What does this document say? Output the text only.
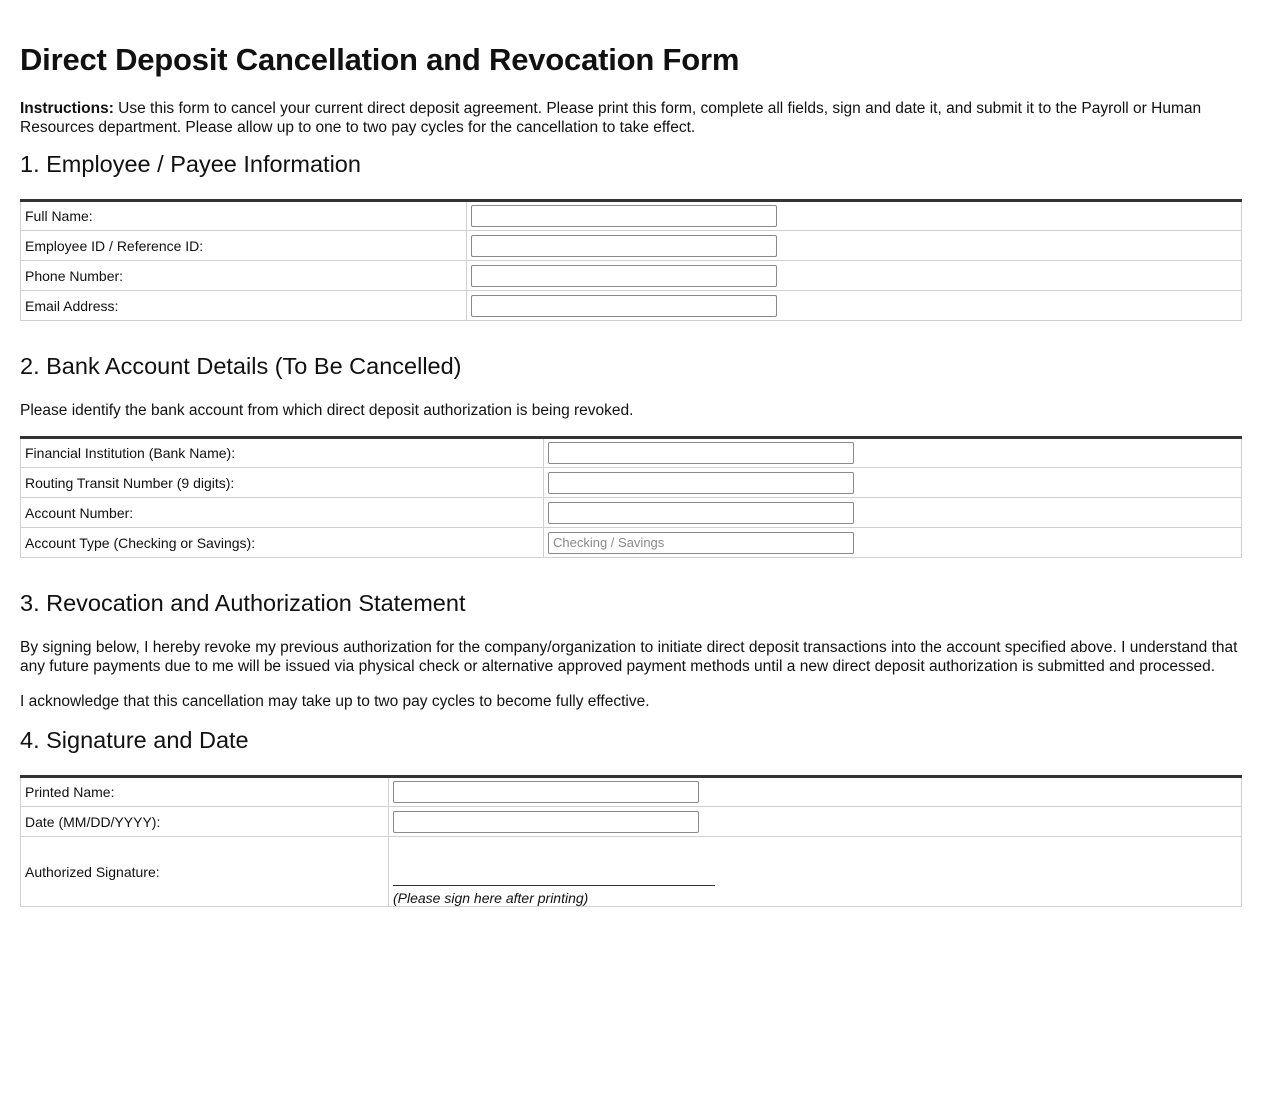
Direct Deposit Cancellation and Revocation Form

Instructions: Use this form to cancel your current direct deposit agreement. Please print this form, complete all fields, sign and date it, and submit it to the Payroll or Human Resources department. Please allow up to one to two pay cycles for the cancellation to take effect.

1. Employee / Payee Information
Full Name:	

Employee ID / Reference ID:	

Phone Number:	

Email Address:	
2. Bank Account Details (To Be Cancelled)

Please identify the bank account from which direct deposit authorization is being revoked.

Financial Institution (Bank Name):	

Routing Transit Number (9 digits):	

Account Number:	

Account Type (Checking or Savings):	
Checking / Savings
3. Revocation and Authorization Statement

By signing below, I hereby revoke my previous authorization for the company/organization to initiate direct deposit transactions into the account specified above. I understand that any future payments due to me will be issued via physical check or alternative approved payment methods until a new direct deposit authorization is submitted and processed.

I acknowledge that this cancellation may take up to two pay cycles to become fully effective.

4. Signature and Date
Printed Name:	

Date (MM/DD/YYYY):	

Authorized Signature:	(Please sign here after printing)
